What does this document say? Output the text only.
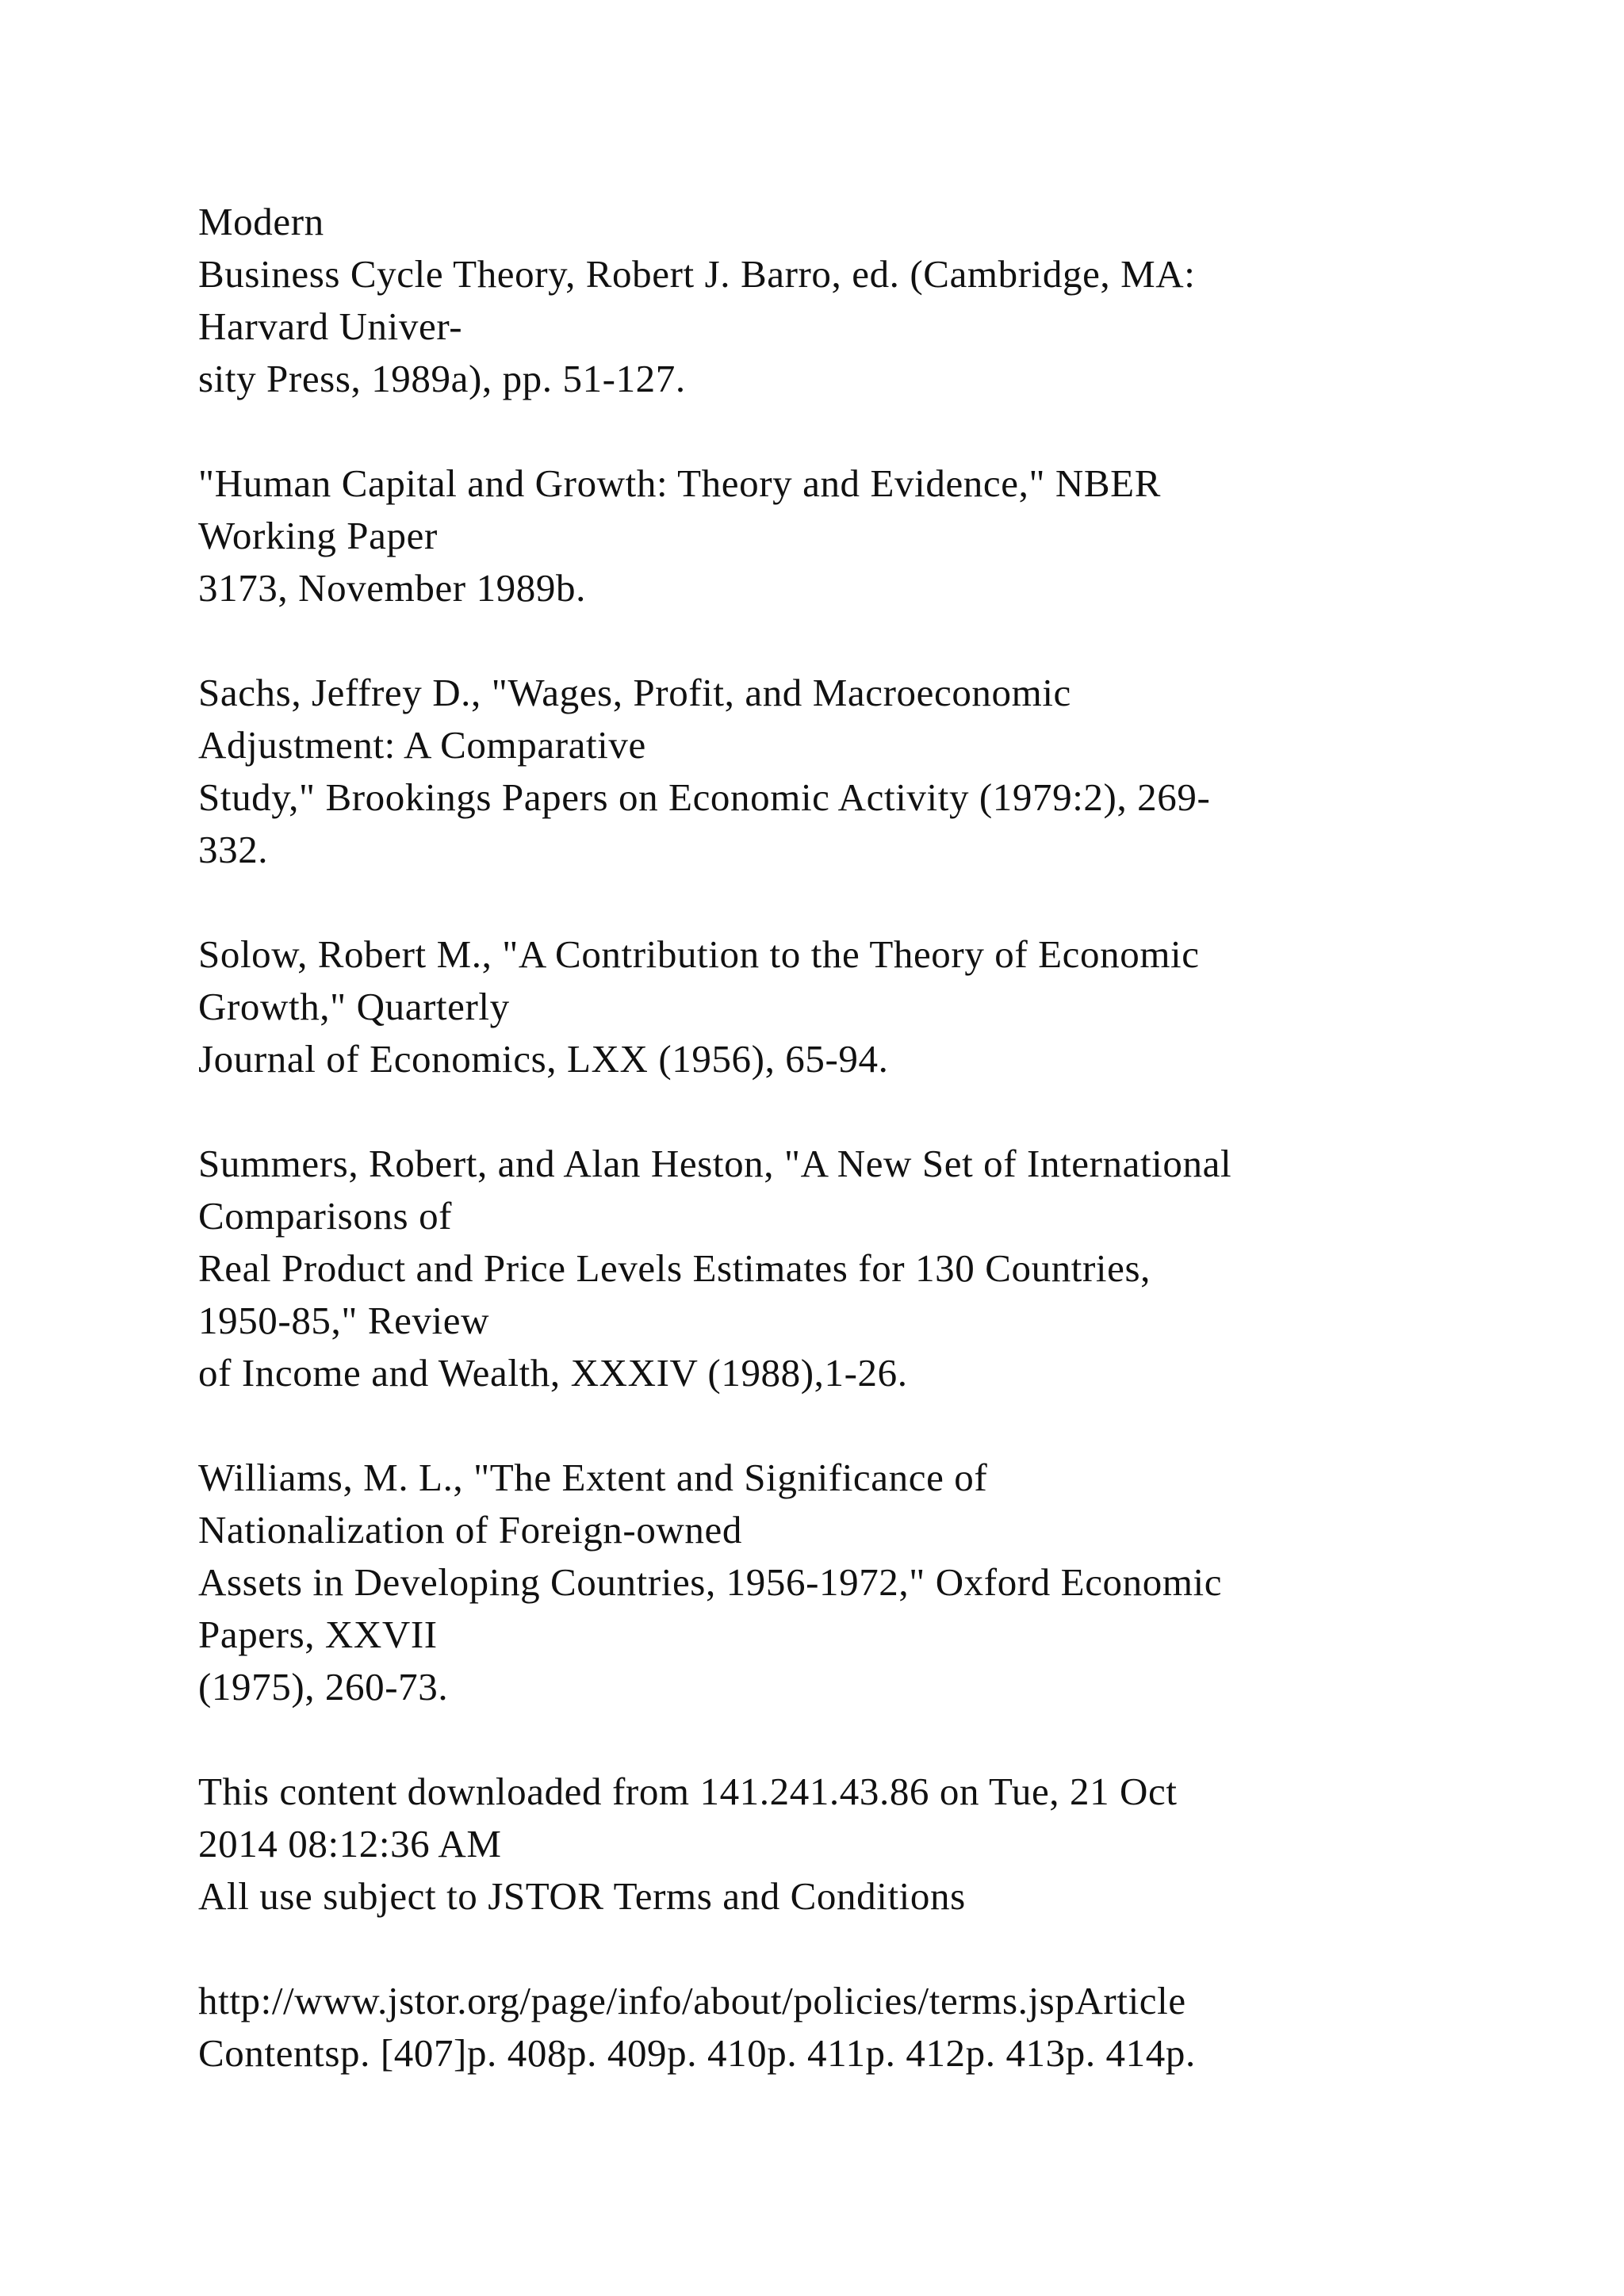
Modern
Business Cycle Theory, Robert J. Barro, ed. (Cambridge, MA:
Harvard Univer-
sity Press, 1989a), pp. 51-127.
"Human Capital and Growth: Theory and Evidence," NBER
Working Paper
3173, November 1989b.
Sachs, Jeffrey D., "Wages, Profit, and Macroeconomic
Adjustment: A Comparative
Study," Brookings Papers on Economic Activity (1979:2), 269-
332.
Solow, Robert M., "A Contribution to the Theory of Economic
Growth," Quarterly
Journal of Economics, LXX (1956), 65-94.
Summers, Robert, and Alan Heston, "A New Set of International
Comparisons of
Real Product and Price Levels Estimates for 130 Countries,
1950-85," Review
of Income and Wealth, XXXIV (1988),1-26.
Williams, M. L., "The Extent and Significance of
Nationalization of Foreign-owned
Assets in Developing Countries, 1956-1972," Oxford Economic
Papers, XXVII
(1975), 260-73.
This content downloaded from 141.241.43.86 on Tue, 21 Oct
2014 08:12:36 AM
All use subject to JSTOR Terms and Conditions
http://www.jstor.org/page/info/about/policies/terms.jspArticle
Contentsp. [407]p. 408p. 409p. 410p. 411p. 412p. 413p. 414p.
